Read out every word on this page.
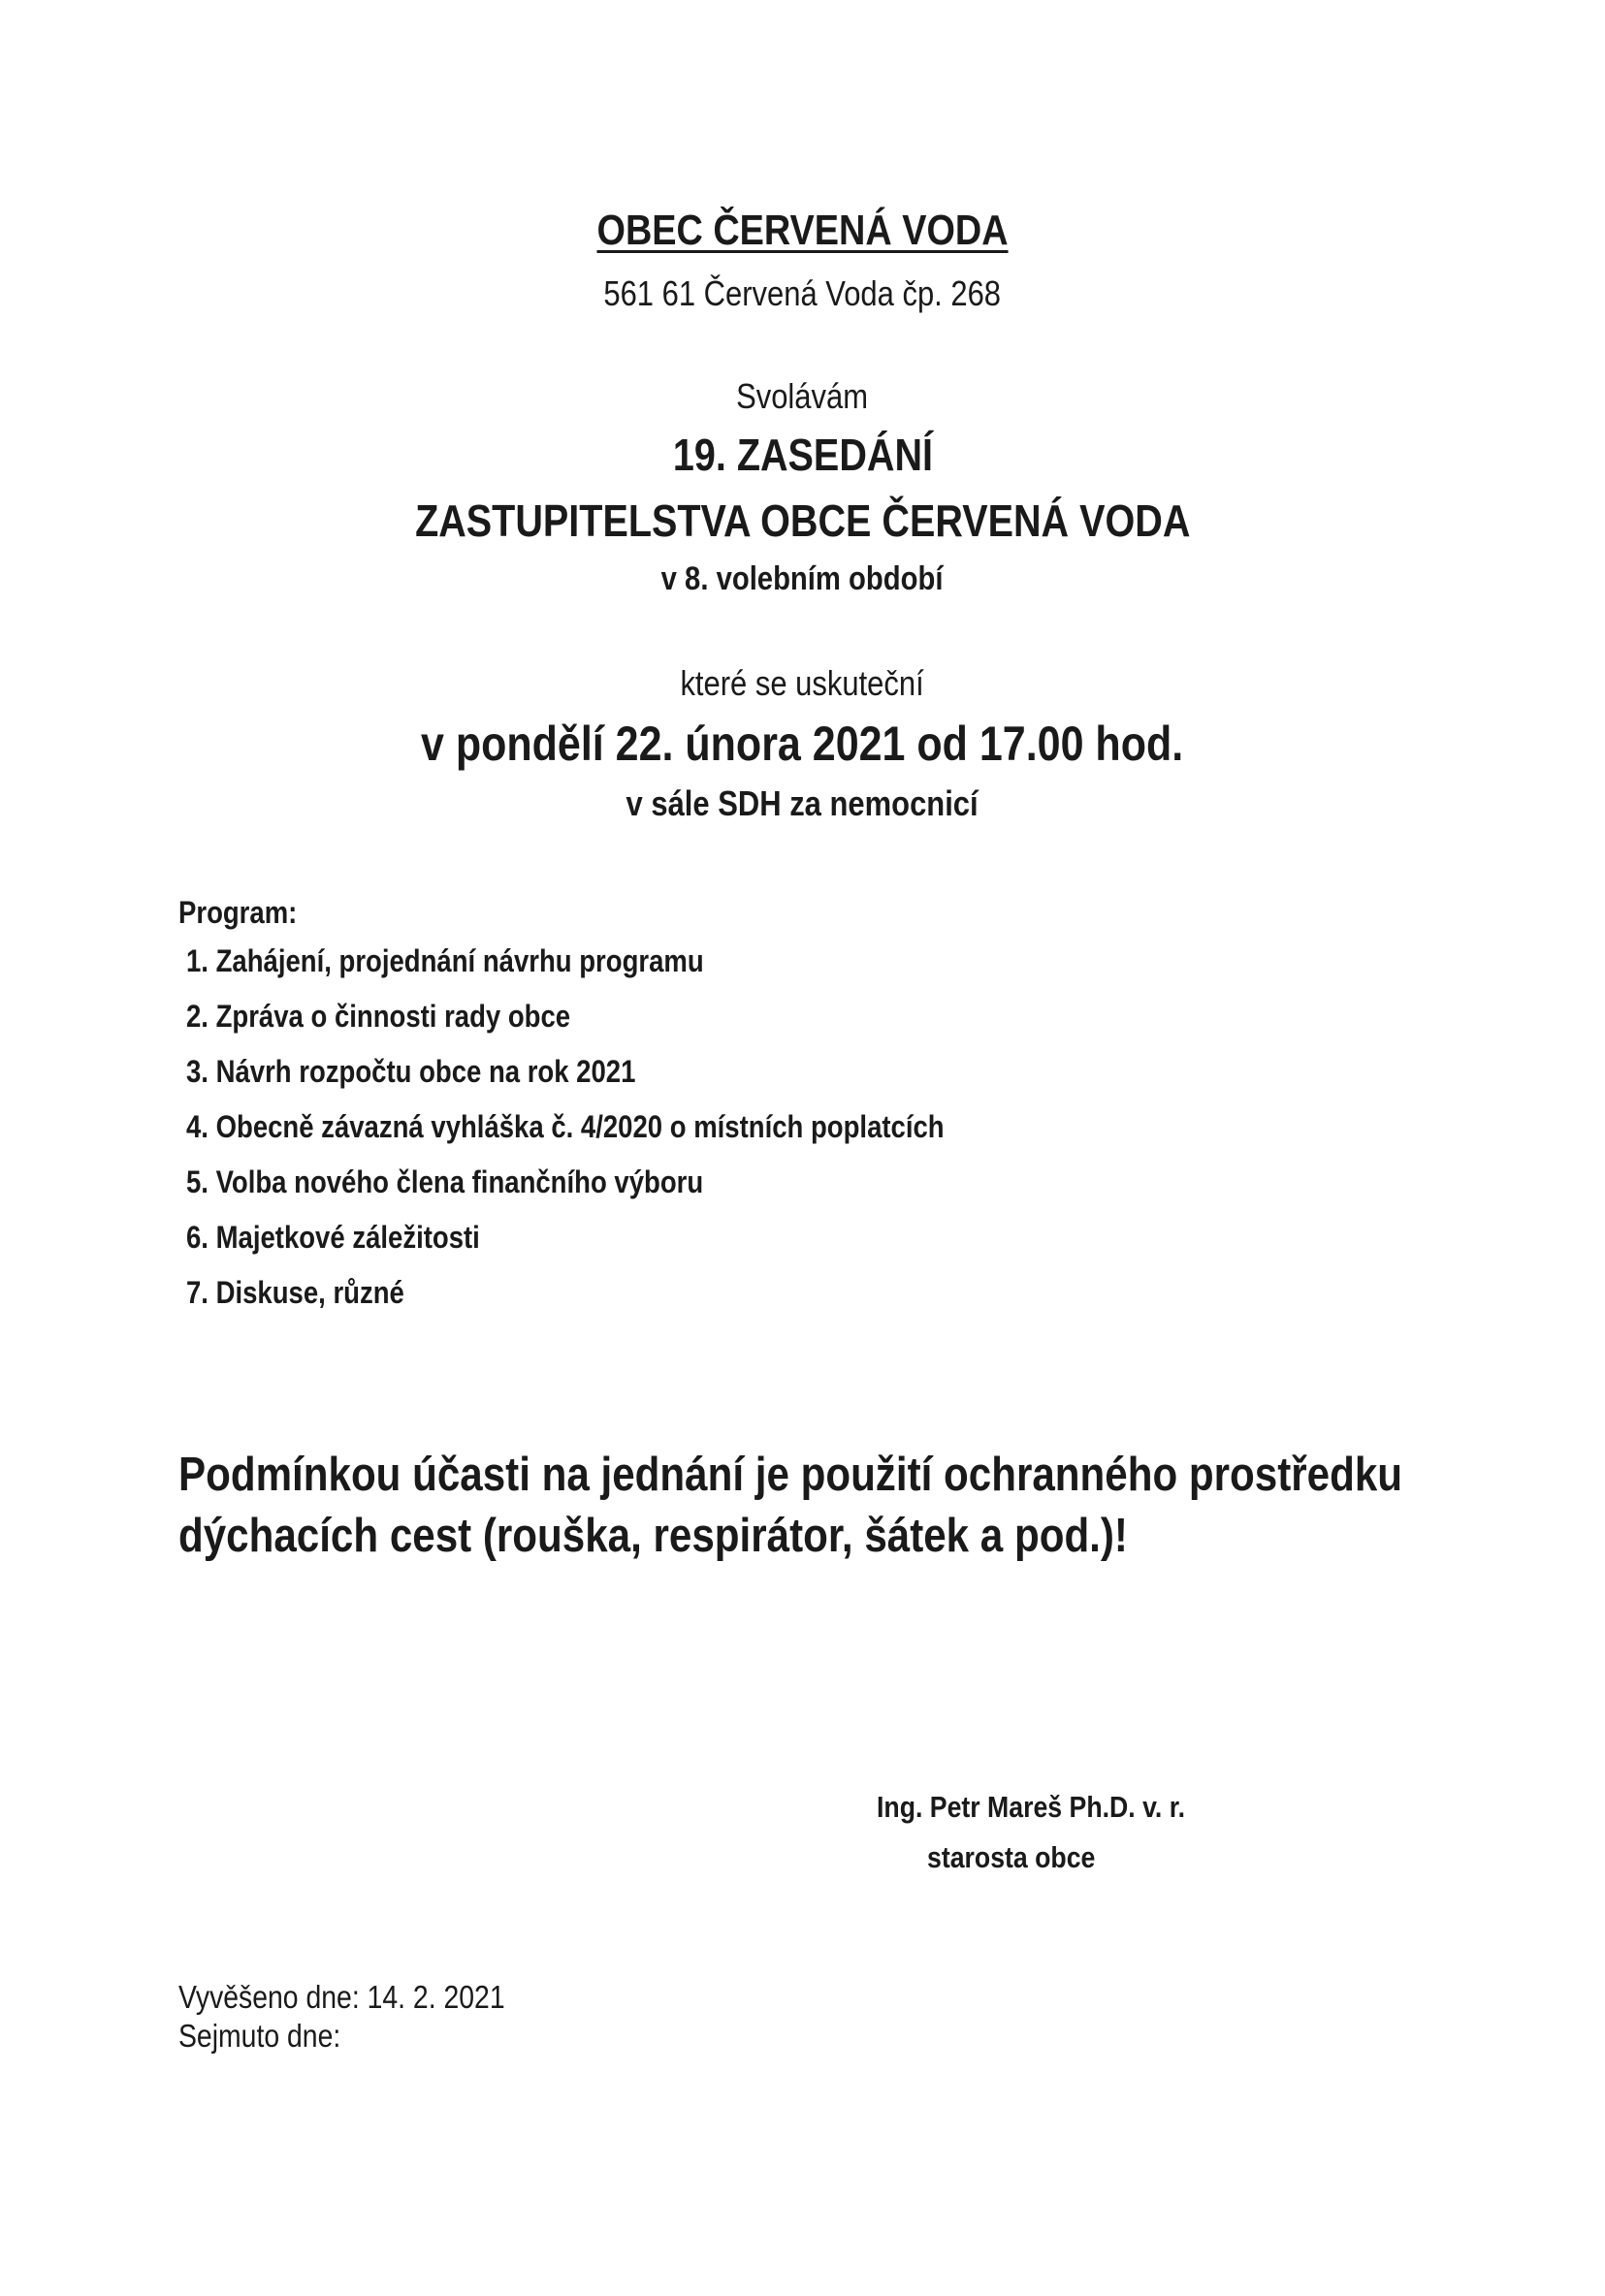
OBEC ČERVENÁ VODA
561 61 Červená Voda čp. 268
Svolávám
19. ZASEDÁNÍ
ZASTUPITELSTVA OBCE ČERVENÁ VODA
v 8. volebním období
které se uskuteční
v pondělí 22. února 2021 od 17.00 hod.
v sále SDH za nemocnicí
Program:
1. Zahájení, projednání návrhu programu
2. Zpráva o činnosti rady obce
3. Návrh rozpočtu obce na rok 2021
4. Obecně závazná vyhláška č. 4/2020 o místních poplatcích
5. Volba nového člena finančního výboru
6. Majetkové záležitosti
7. Diskuse, různé
Podmínkou účasti na jednání je použití ochranného prostředku
dýchacích cest (rouška, respirátor, šátek a pod.)!
Ing. Petr Mareš Ph.D. v. r.
starosta obce
Vyvěšeno dne: 14. 2. 2021
Sejmuto dne:
